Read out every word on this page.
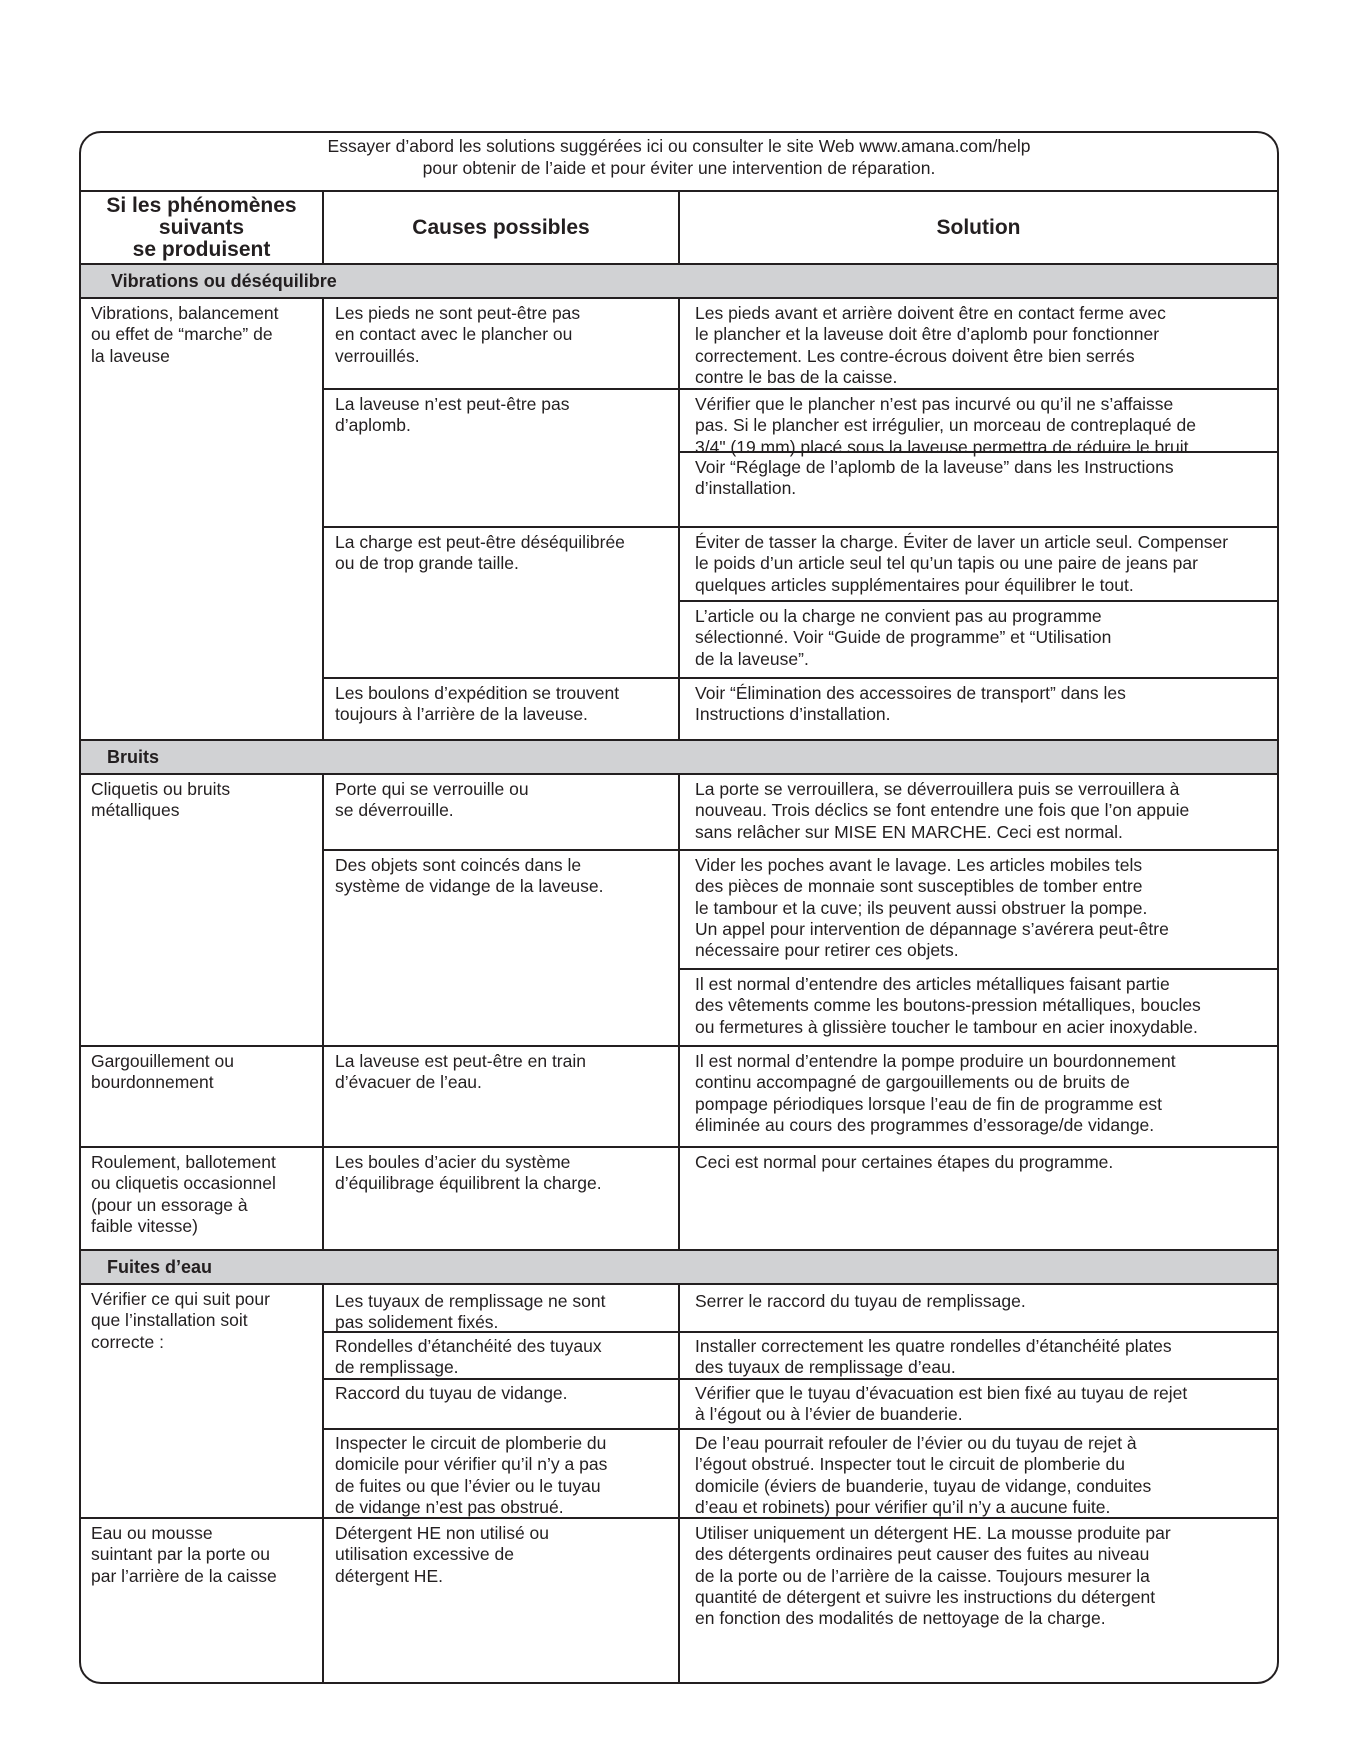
Essayer d’abord les solutions suggérées ici ou consulter le site Web www.amana.com/help
pour obtenir de l’aide et pour éviter une intervention de réparation.
Si les phénomènes
suivants
se produisent
Causes possibles	Solution
Vibrations ou déséquilibre
Bruits
Fuites d’eau
Vibrations, balancement
ou effet de “marche” de
la laveuse
Les pieds ne sont peut-être pas
en contact avec le plancher ou
verrouillés.
La laveuse n’est peut-être pas
d’aplomb.
La charge est peut-être déséquilibrée
ou de trop grande taille.
Les boulons d’expédition se trouvent
toujours à l’arrière de la laveuse.
Les pieds avant et arrière doivent être en contact ferme avec
le plancher et la laveuse doit être d’aplomb pour fonctionner
correctement. Les contre-écrous doivent être bien serrés
contre le bas de la caisse.
Vérifier que le plancher n’est pas incurvé ou qu’il ne s’affaisse
pas. Si le plancher est irrégulier, un morceau de contreplaqué de
3/4" (19 mm) placé sous la laveuse permettra de réduire le bruit.
Voir “Réglage de l’aplomb de la laveuse” dans les Instructions
d’installation.
Éviter de tasser la charge. Éviter de laver un article seul. Compenser
le poids d’un article seul tel qu’un tapis ou une paire de jeans par
quelques articles supplémentaires pour équilibrer le tout.
L’article ou la charge ne convient pas au programme
sélectionné. Voir “Guide de programme” et “Utilisation
de la laveuse”.
Voir “Élimination des accessoires de transport” dans les
Instructions d’installation.
Cliquetis ou bruits
métalliques
Gargouillement ou
bourdonnement
Roulement, ballotement
ou cliquetis occasionnel
(pour un essorage à
faible vitesse)
Porte qui se verrouille ou
se déverrouille.
Des objets sont coincés dans le
système de vidange de la laveuse.
La laveuse est peut-être en train
d’évacuer de l’eau.
Les boules d’acier du système
d’équilibrage équilibrent la charge.
La porte se verrouillera, se déverrouillera puis se verrouillera à
nouveau. Trois déclics se font entendre une fois que l’on appuie
sans relâcher sur MISE EN MARCHE. Ceci est normal.
Vider les poches avant le lavage. Les articles mobiles tels
des pièces de monnaie sont susceptibles de tomber entre
le tambour et la cuve; ils peuvent aussi obstruer la pompe.
Un appel pour intervention de dépannage s’avérera peut-être
nécessaire pour retirer ces objets.
Il est normal d’entendre des articles métalliques faisant partie
des vêtements comme les boutons-pression métalliques, boucles
ou fermetures à glissière toucher le tambour en acier inoxydable.
Il est normal d’entendre la pompe produire un bourdonnement
continu accompagné de gargouillements ou de bruits de
pompage périodiques lorsque l’eau de fin de programme est
éliminée au cours des programmes d’essorage/de vidange.
Ceci est normal pour certaines étapes du programme.
Vérifier ce qui suit pour
que l’installation soit
correcte :
Eau ou mousse
suintant par la porte ou
par l’arrière de la caisse
Les tuyaux de remplissage ne sont
pas solidement fixés.
Rondelles d’étanchéité des tuyaux
de remplissage.
Raccord du tuyau de vidange.
Inspecter le circuit de plomberie du
domicile pour vérifier qu’il n’y a pas
de fuites ou que l’évier ou le tuyau
de vidange n’est pas obstrué.
Détergent HE non utilisé ou
utilisation excessive de
détergent HE.
Serrer le raccord du tuyau de remplissage.
Installer correctement les quatre rondelles d’étanchéité plates
des tuyaux de remplissage d’eau.
Vérifier que le tuyau d’évacuation est bien fixé au tuyau de rejet
à l’égout ou à l’évier de buanderie.
De l’eau pourrait refouler de l’évier ou du tuyau de rejet à
l’égout obstrué. Inspecter tout le circuit de plomberie du
domicile (éviers de buanderie, tuyau de vidange, conduites
d’eau et robinets) pour vérifier qu’il n’y a aucune fuite.
Utiliser uniquement un détergent HE. La mousse produite par
des détergents ordinaires peut causer des fuites au niveau
de la porte ou de l’arrière de la caisse. Toujours mesurer la
quantité de détergent et suivre les instructions du détergent
en fonction des modalités de nettoyage de la charge.
